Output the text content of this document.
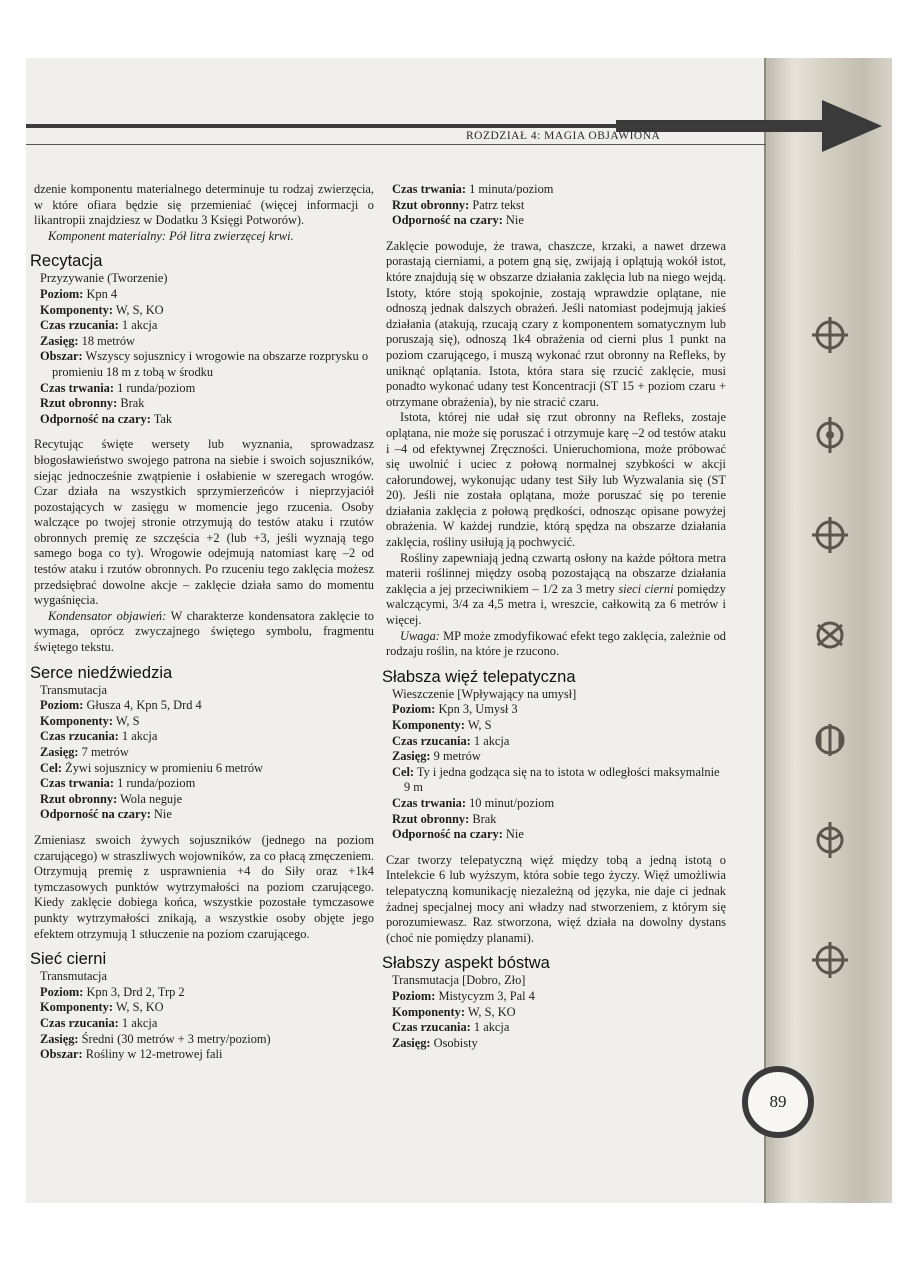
ROZDZIAŁ 4: MAGIA OBJAWIONA

dzenie komponentu materialnego determinuje tu rodzaj zwierzęcia, w które ofiara będzie się przemieniać (więcej informacji o likantropii znajdziesz w Dodatku 3 Księgi Potworów).

Komponent materialny: Pół litra zwierzęcej krwi.

Recytacja

Przyzywanie (Tworzenie)

Poziom: Kpn 4

Komponenty: W, S, KO

Czas rzucania: 1 akcja

Zasięg: 18 metrów

Obszar: Wszyscy sojusznicy i wrogowie na obszarze rozprysku o promieniu 18 m z tobą w środku

Czas trwania: 1 runda/poziom

Rzut obronny: Brak

Odporność na czary: Tak

Recytując święte wersety lub wyznania, sprowadzasz błogosławieństwo swojego patrona na siebie i swoich sojuszników, siejąc jednocześnie zwątpienie i osłabienie w szeregach wrogów. Czar działa na wszystkich sprzymierzeńców i nieprzyjaciół pozostających w zasięgu w momencie jego rzucenia. Osoby walczące po twojej stronie otrzymują do testów ataku i rzutów obronnych premię ze szczęścia +2 (lub +3, jeśli wyznają tego samego boga co ty). Wrogowie odejmują natomiast karę –2 od testów ataku i rzutów obronnych. Po rzuceniu tego zaklęcia możesz przedsiębrać dowolne akcje – zaklęcie działa samo do momentu wygaśnięcia.

Kondensator objawień: W charakterze kondensatora zaklęcie to wymaga, oprócz zwyczajnego świętego symbolu, fragmentu świętego tekstu.

Serce niedźwiedzia

Transmutacja

Poziom: Głusza 4, Kpn 5, Drd 4

Komponenty: W, S

Czas rzucania: 1 akcja

Zasięg: 7 metrów

Cel: Żywi sojusznicy w promieniu 6 metrów

Czas trwania: 1 runda/poziom

Rzut obronny: Wola neguje

Odporność na czary: Nie

Zmieniasz swoich żywych sojuszników (jednego na poziom czarującego) w straszliwych wojowników, za co płacą zmęczeniem. Otrzymują premię z usprawnienia +4 do Siły oraz +1k4 tymczasowych punktów wytrzymałości na poziom czarującego. Kiedy zaklęcie dobiega końca, wszystkie pozostałe tymczasowe punkty wytrzymałości znikają, a wszystkie osoby objęte jego efektem otrzymują 1 stłuczenie na poziom czarującego.

Sieć cierni

Transmutacja

Poziom: Kpn 3, Drd 2, Trp 2

Komponenty: W, S, KO

Czas rzucania: 1 akcja

Zasięg: Średni (30 metrów + 3 metry/poziom)

Obszar: Rośliny w 12-metrowej fali

Czas trwania: 1 minuta/poziom

Rzut obronny: Patrz tekst

Odporność na czary: Nie

Zaklęcie powoduje, że trawa, chaszcze, krzaki, a nawet drzewa porastają cierniami, a potem gną się, zwijają i oplątują wokół istot, które znajdują się w obszarze działania zaklęcia lub na niego wejdą. Istoty, które stoją spokojnie, zostają wprawdzie oplątane, nie odnoszą jednak dalszych obrażeń. Jeśli natomiast podejmują jakieś działania (atakują, rzucają czary z komponentem somatycznym lub poruszają się), odnoszą 1k4 obrażenia od cierni plus 1 punkt na poziom czarującego, i muszą wykonać rzut obronny na Refleks, by uniknąć oplątania. Istota, która stara się rzucić zaklęcie, musi ponadto wykonać udany test Koncentracji (ST 15 + poziom czaru + otrzymane obrażenia), by nie stracić czaru.

Istota, której nie udał się rzut obronny na Refleks, zostaje oplątana, nie może się poruszać i otrzymuje karę –2 od testów ataku i –4 od efektywnej Zręczności. Unieruchomiona, może próbować się uwolnić i uciec z połową normalnej szybkości w akcji całorundowej, wykonując udany test Siły lub Wyzwalania się (ST 20). Jeśli nie została oplątana, może poruszać się po terenie działania zaklęcia z połową prędkości, odnosząc opisane powyżej obrażenia. W każdej rundzie, którą spędza na obszarze działania zaklęcia, rośliny usiłują ją pochwycić.

Rośliny zapewniają jedną czwartą osłony na każde półtora metra materii roślinnej między osobą pozostającą na obszarze działania zaklęcia a jej przeciwnikiem – 1/2 za 3 metry sieci cierni pomiędzy walczącymi, 3/4 za 4,5 metra i, wreszcie, całkowitą za 6 metrów i więcej.

Uwaga: MP może zmodyfikować efekt tego zaklęcia, zależnie od rodzaju roślin, na które je rzucono.

Słabsza więź telepatyczna

Wieszczenie [Wpływający na umysł]

Poziom: Kpn 3, Umysł 3

Komponenty: W, S

Czas rzucania: 1 akcja

Zasięg: 9 metrów

Cel: Ty i jedna godząca się na to istota w odległości maksymalnie 9 m

Czas trwania: 10 minut/poziom

Rzut obronny: Brak

Odporność na czary: Nie

Czar tworzy telepatyczną więź między tobą a jedną istotą o Intelekcie 6 lub wyższym, która sobie tego życzy. Więź umożliwia telepatyczną komunikację niezależną od języka, nie daje ci jednak żadnej specjalnej mocy ani władzy nad stworzeniem, z którym się porozumiewasz. Raz stworzona, więź działa na dowolny dystans (choć nie pomiędzy planami).

Słabszy aspekt bóstwa

Transmutacja [Dobro, Zło]

Poziom: Mistycyzm 3, Pal 4

Komponenty: W, S, KO

Czas rzucania: 1 akcja

Zasięg: Osobisty

89
